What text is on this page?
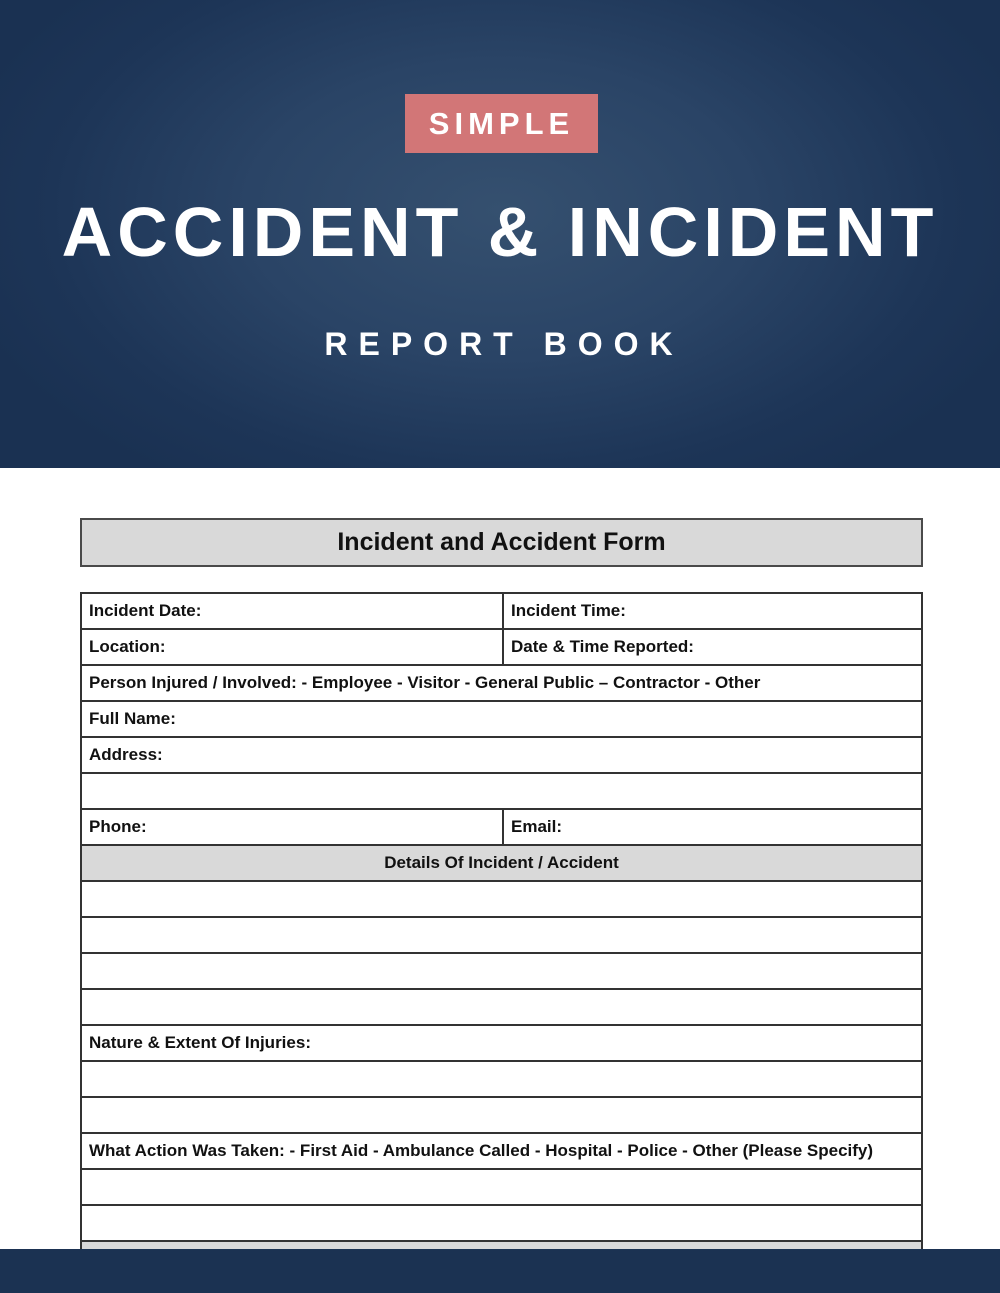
SIMPLE
ACCIDENT & INCIDENT
REPORT BOOK
Incident and Accident Form
Incident Date:	Incident Time:
Location:	Date & Time Reported:
Person Injured / Involved: - Employee - Visitor - General Public – Contractor - Other
Full Name:
Address:
Phone:	Email:
Details Of Incident / Accident
Nature & Extent Of Injuries:
What Action Was Taken: - First Aid - Ambulance Called - Hospital - Police - Other (Please Specify)
